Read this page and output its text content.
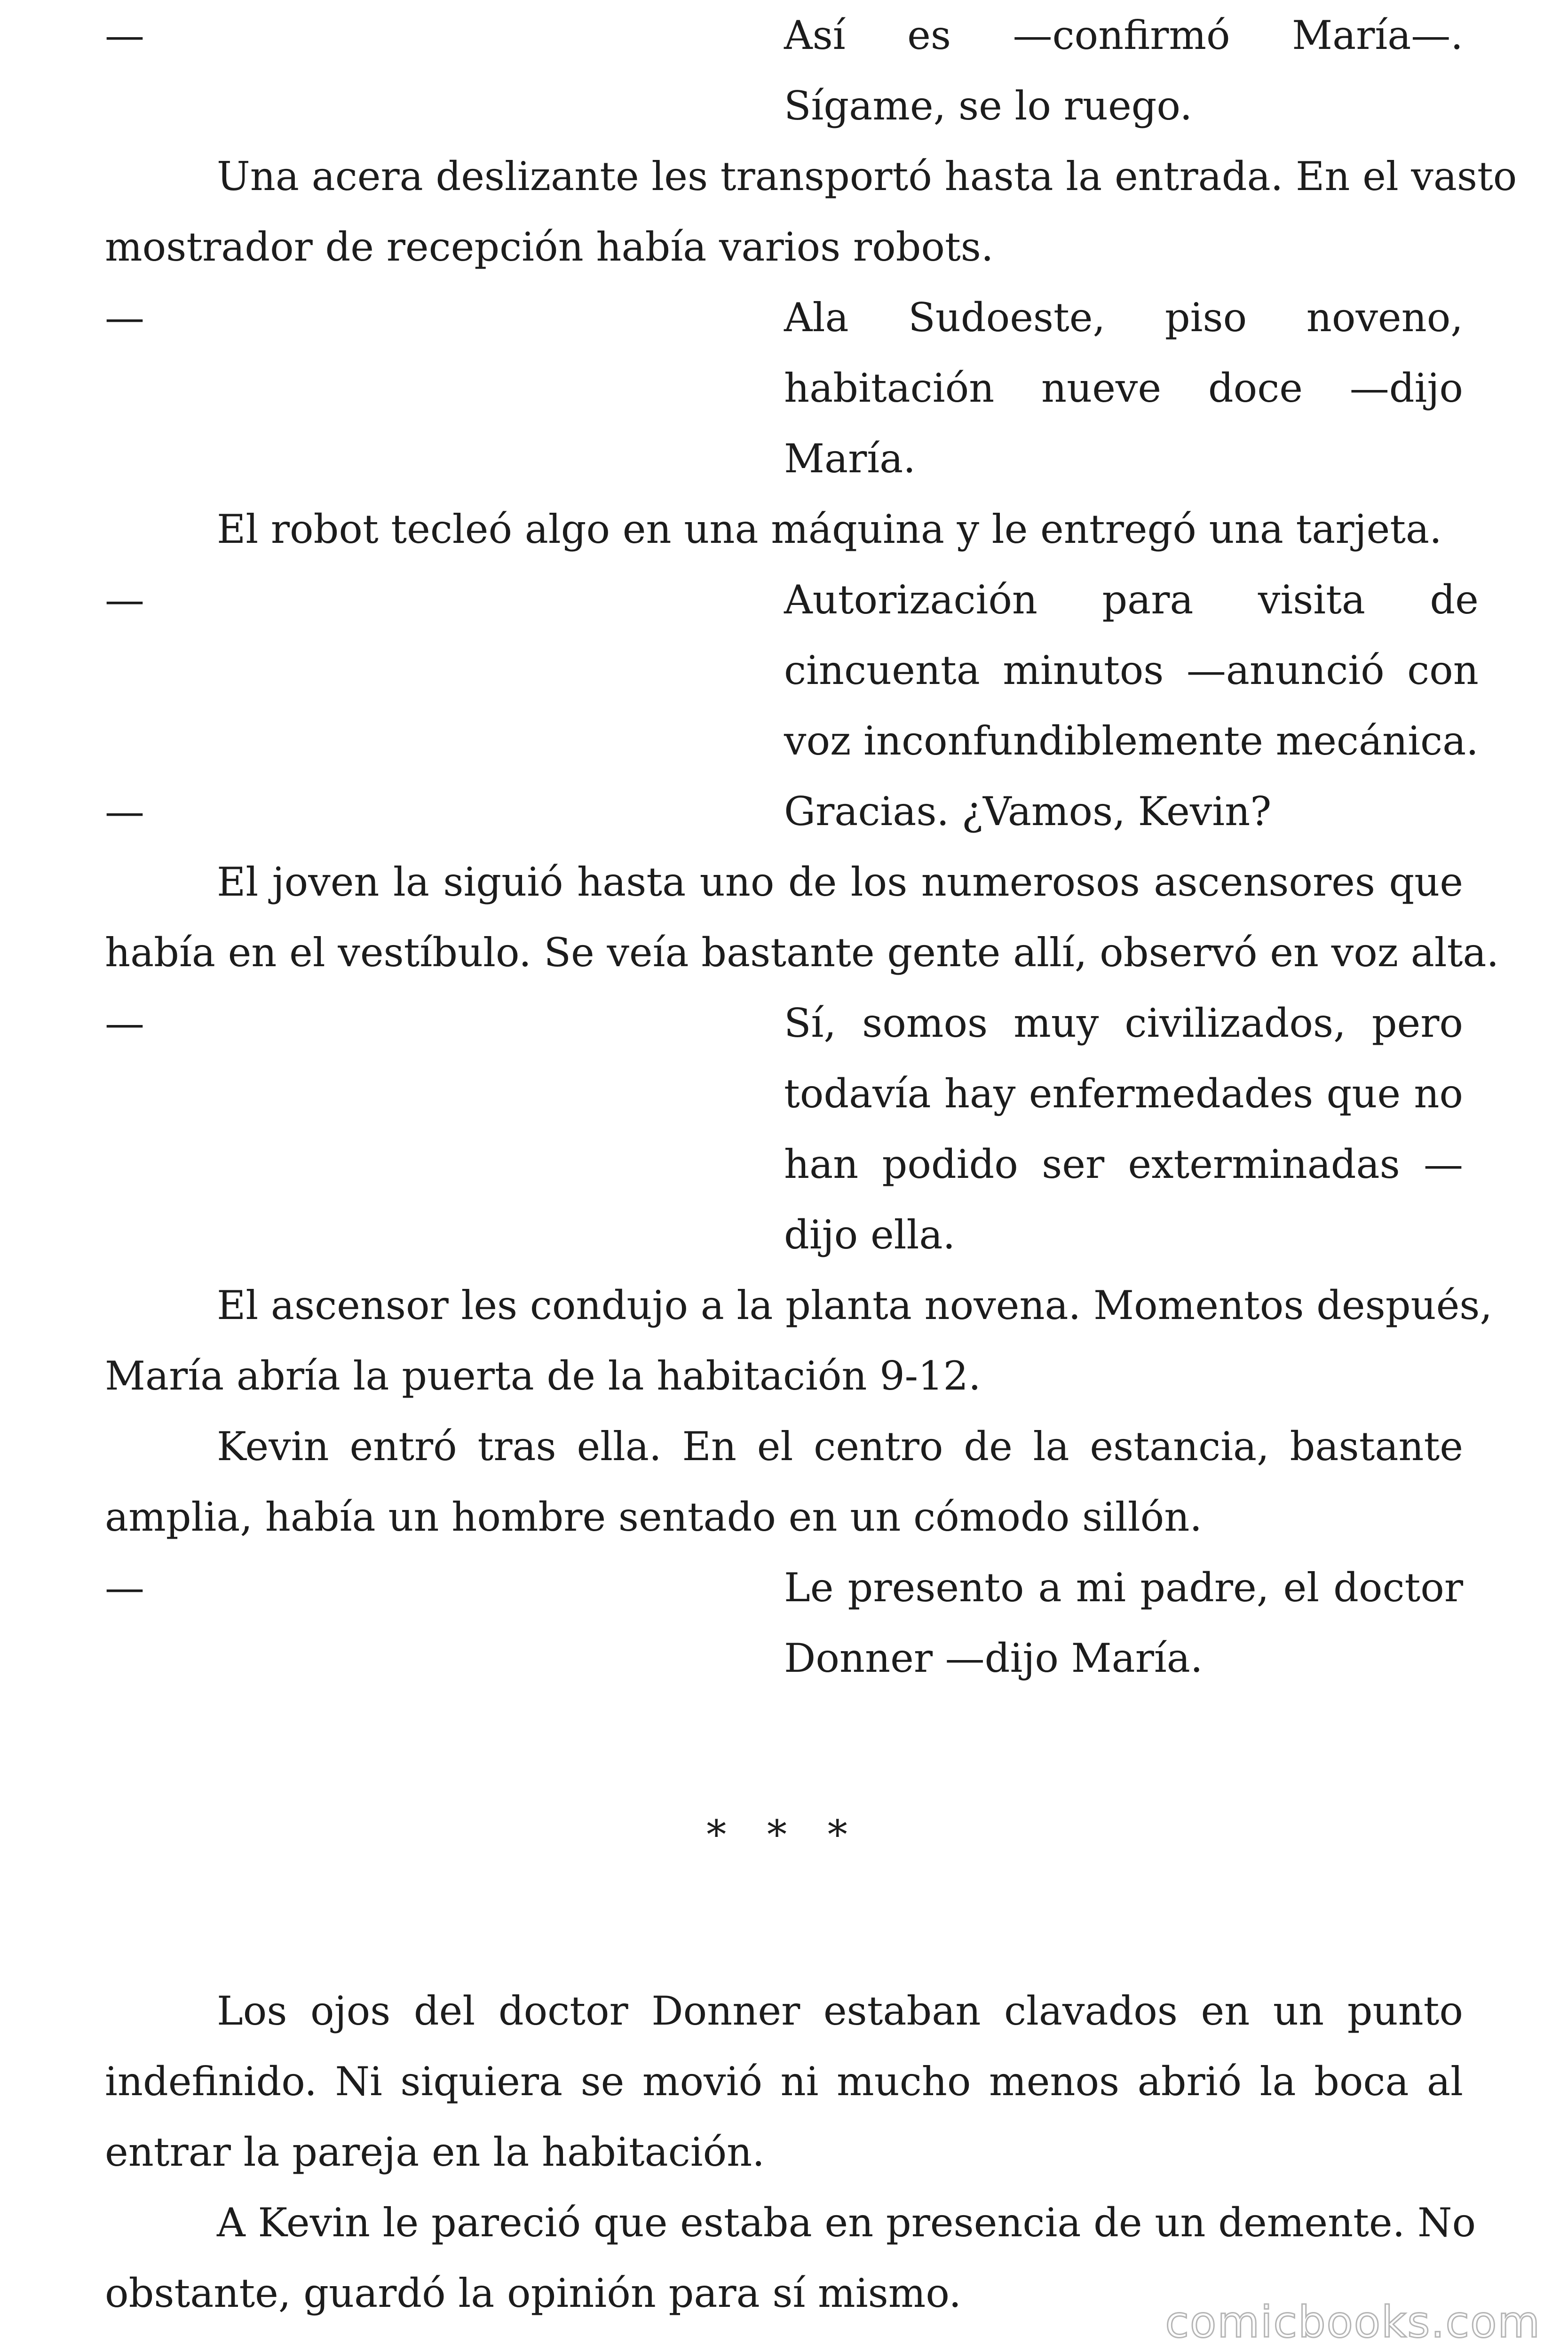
—	Así es —confirmó María—.
Sígame, se lo ruego.
Una acera deslizante les transportó hasta la entrada. En el vasto
mostrador de recepción había varios robots.
—	Ala Sudoeste, piso noveno,
habitación nueve doce —dijo
María.
El robot tecleó algo en una máquina y le entregó una tarjeta.
—	Autorización para visita de
cincuenta minutos —anunció con
voz inconfundiblemente mecánica.
—	Gracias. ¿Vamos, Kevin?
El joven la siguió hasta uno de los numerosos ascensores que
había en el vestíbulo. Se veía bastante gente allí, observó en voz alta.
—	Sí, somos muy civilizados, pero
todavía hay enfermedades que no
han podido ser exterminadas —
dijo ella.
El ascensor les condujo a la planta novena. Momentos después,
María abría la puerta de la habitación 9-12.
Kevin entró tras ella. En el centro de la estancia, bastante
amplia, había un hombre sentado en un cómodo sillón.
—	Le presento a mi padre, el doctor
Donner —dijo María.
* * *
Los ojos del doctor Donner estaban clavados en un punto
indefinido. Ni siquiera se movió ni mucho menos abrió la boca al
entrar la pareja en la habitación.
A Kevin le pareció que estaba en presencia de un demente. No
obstante, guardó la opinión para sí mismo.
comicbooks.com
